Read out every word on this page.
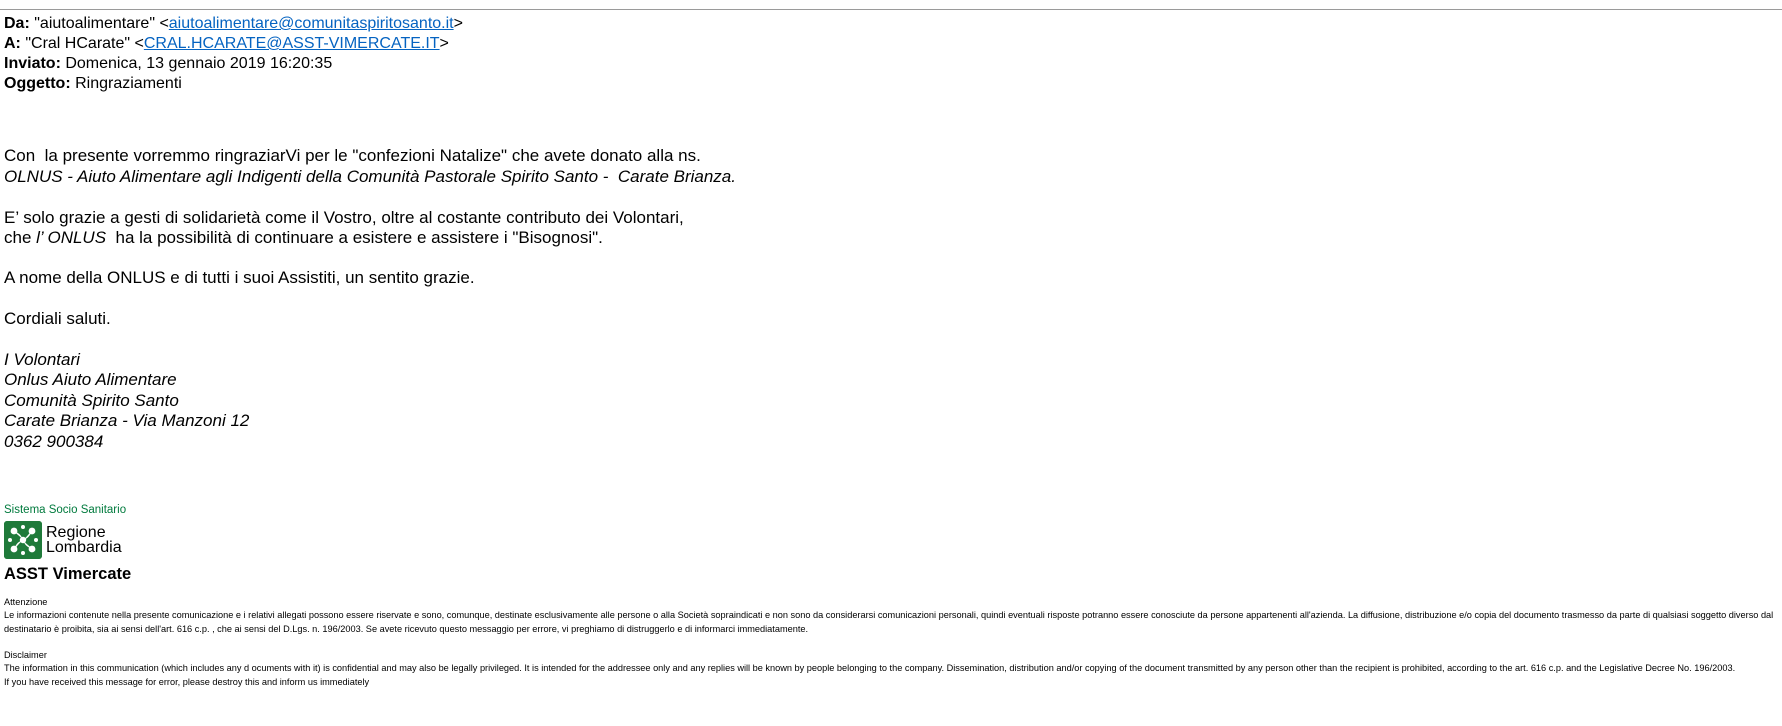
Da: "aiutoalimentare" <aiutoalimentare@comunitaspiritosanto.it>
A: "Cral HCarate" <CRAL.HCARATE@ASST-VIMERCATE.IT>
Inviato: Domenica, 13 gennaio 2019 16:20:35
Oggetto: Ringraziamenti

Con  la presente vorremmo ringraziarVi per le "confezioni Natalize" che avete donato alla ns.

OLNUS - Aiuto Alimentare agli Indigenti della Comunità Pastorale Spirito Santo -  Carate Brianza.

E’ solo grazie a gesti di solidarietà come il Vostro, oltre al costante contributo dei Volontari,

che l’ ONLUS  ha la possibilità di continuare a esistere e assistere i "Bisognosi".

A nome della ONLUS e di tutti i suoi Assistiti, un sentito grazie.

Cordiali saluti.

I Volontari

Onlus Aiuto Alimentare

Comunità Spirito Santo

Carate Brianza - Via Manzoni 12

0362 900384

Sistema Socio Sanitario
Regione
Lombardia
ASST Vimercate

Attenzione

Le informazioni contenute nella presente comunicazione e i relativi allegati possono essere riservate e sono, comunque, destinate esclusivamente alle persone o alla Società sopraindicati e non sono da considerarsi comunicazioni personali, quindi eventuali risposte potranno essere conosciute da persone appartenenti all'azienda. La diffusione, distribuzione e/o copia del documento trasmesso da parte di qualsiasi soggetto diverso dal destinatario è proibita, sia ai sensi dell'art. 616 c.p. , che ai sensi del D.Lgs. n. 196/2003. Se avete ricevuto questo messaggio per errore, vi preghiamo di distruggerlo e di informarci immediatamente.

Disclaimer

The information in this communication (which includes any d ocuments with it) is confidential and may also be legally privileged. It is intended for the addressee only and any replies will be known by people belonging to the company. Dissemination, distribution and/or copying of the document transmitted by any person other than the recipient is prohibited, according to the art. 616 c.p. and the Legislative Decree No. 196/2003.

If you have received this message for error, please destroy this and inform us immediately
